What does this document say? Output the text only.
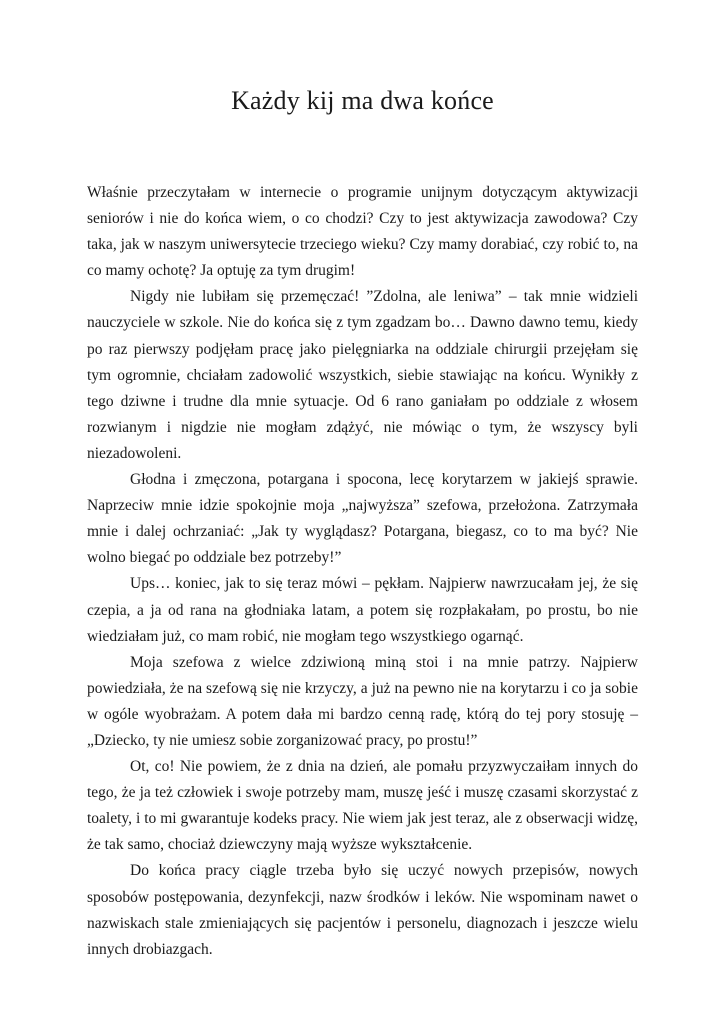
Każdy kij ma dwa końce

Właśnie przeczytałam w internecie o programie unijnym dotyczącym aktywizacji seniorów i nie do końca wiem, o co chodzi? Czy to jest aktywizacja zawodowa? Czy taka, jak w naszym uniwersytecie trzeciego wieku? Czy mamy dorabiać, czy robić to, na co mamy ochotę? Ja optuję za tym drugim!

Nigdy nie lubiłam się przemęczać! ”Zdolna, ale leniwa” – tak mnie widzieli nauczyciele w szkole. Nie do końca się z tym zgadzam bo… Dawno dawno temu, kiedy po raz pierwszy podjęłam pracę jako pielęgniarka na oddziale chirurgii przejęłam się tym ogromnie, chciałam zadowolić wszystkich, siebie stawiając na końcu. Wynikły z tego dziwne i trudne dla mnie sytuacje. Od 6 rano ganiałam po oddziale z włosem rozwianym i nigdzie nie mogłam zdążyć, nie mówiąc o tym, że wszyscy byli niezadowoleni.

Głodna i zmęczona, potargana i spocona, lecę korytarzem w jakiejś sprawie. Naprzeciw mnie idzie spokojnie moja „najwyższa” szefowa, przełożona. Zatrzymała mnie i dalej ochrzaniać: „Jak ty wyglądasz? Potargana, biegasz, co to ma być? Nie wolno biegać po oddziale bez potrzeby!”

Ups… koniec, jak to się teraz mówi – pękłam. Najpierw nawrzucałam jej, że się czepia, a ja od rana na głodniaka latam, a potem się rozpłakałam, po prostu, bo nie wiedziałam już, co mam robić, nie mogłam tego wszystkiego ogarnąć.

Moja szefowa z wielce zdziwioną miną stoi i na mnie patrzy. Najpierw powiedziała, że na szefową się nie krzyczy, a już na pewno nie na korytarzu i co ja sobie w ogóle wyobrażam. A potem dała mi bardzo cenną radę, którą do tej pory stosuję – „Dziecko, ty nie umiesz sobie zorganizować pracy, po prostu!”

Ot, co! Nie powiem, że z dnia na dzień, ale pomału przyzwyczaiłam innych do tego, że ja też człowiek i swoje potrzeby mam, muszę jeść i muszę czasami skorzystać z toalety, i to mi gwarantuje kodeks pracy. Nie wiem jak jest teraz, ale z obserwacji widzę, że tak samo, chociaż dziewczyny mają wyższe wykształcenie.

Do końca pracy ciągle trzeba było się uczyć nowych przepisów, nowych sposobów postępowania, dezynfekcji, nazw środków i leków. Nie wspominam nawet o nazwiskach stale zmieniających się pacjentów i personelu, diagnozach i jeszcze wielu innych drobiazgach.
